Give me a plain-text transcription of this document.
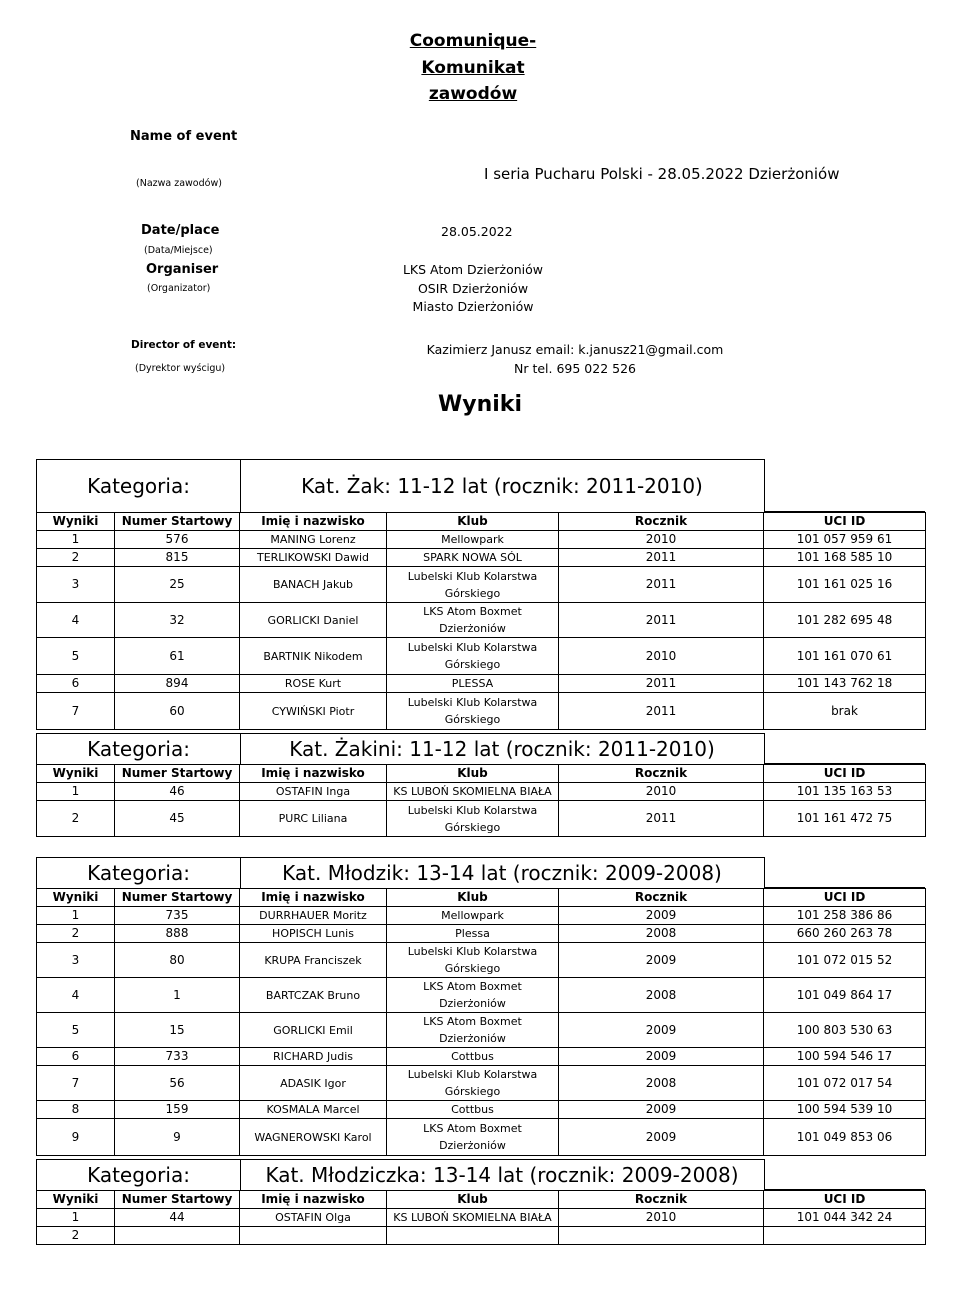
Coomunique-
Komunikat
zawodów
Name of event
(Nazwa zawodów)
I seria Pucharu Polski - 28.05.2022 Dzierżoniów
Date/place
(Data/Miejsce)
28.05.2022
Organiser
(Organizator)
LKS Atom Dzierżoniów
OSIR Dzierżoniów
Miasto Dzierżoniów
Director of event:
(Dyrektor wyścigu)
Kazimierz Janusz email: k.janusz21@gmail.com
Nr tel. 695 022 526
Wyniki
Kategoria:	Kat. Żak: 11-12 lat (rocznik: 2011-2010)
Wyniki	Numer Startowy	Imię i nazwisko	Klub	Rocznik	UCI ID
1	576	MANING Lorenz	Mellowpark	2010	101 057 959 61
2	815	TERLIKOWSKI Dawid	SPARK NOWA SÓL	2011	101 168 585 10
3	25	BANACH Jakub	Lubelski Klub Kolarstwa Górskiego	2011	101 161 025 16
4	32	GORLICKI Daniel	LKS Atom Boxmet Dzierżoniów	2011	101 282 695 48
5	61	BARTNIK Nikodem	Lubelski Klub Kolarstwa Górskiego	2010	101 161 070 61
6	894	ROSE Kurt	PLESSA	2011	101 143 762 18
7	60	CYWIŃSKI Piotr	Lubelski Klub Kolarstwa Górskiego	2011	brak
Kategoria:	Kat. Żakini: 11-12 lat (rocznik: 2011-2010)
Wyniki	Numer Startowy	Imię i nazwisko	Klub	Rocznik	UCI ID
1	46	OSTAFIN Inga	KS LUBOŃ SKOMIELNA BIAŁA	2010	101 135 163 53
2	45	PURC Liliana	Lubelski Klub Kolarstwa Górskiego	2011	101 161 472 75
Kategoria:	Kat. Młodzik: 13-14 lat (rocznik: 2009-2008)
Wyniki	Numer Startowy	Imię i nazwisko	Klub	Rocznik	UCI ID
1	735	DURRHAUER Moritz	Mellowpark	2009	101 258 386 86
2	888	HOPISCH Lunis	Plessa	2008	660 260 263 78
3	80	KRUPA Franciszek	Lubelski Klub Kolarstwa Górskiego	2009	101 072 015 52
4	1	BARTCZAK Bruno	LKS Atom Boxmet Dzierżoniów	2008	101 049 864 17
5	15	GORLICKI Emil	LKS Atom Boxmet Dzierżoniów	2009	100 803 530 63
6	733	RICHARD Judis	Cottbus	2009	100 594 546 17
7	56	ADASIK Igor	Lubelski Klub Kolarstwa Górskiego	2008	101 072 017 54
8	159	KOSMALA Marcel	Cottbus	2009	100 594 539 10
9	9	WAGNEROWSKI Karol	LKS Atom Boxmet Dzierżoniów	2009	101 049 853 06
Kategoria:	Kat. Młodziczka: 13-14 lat (rocznik: 2009-2008)
Wyniki	Numer Startowy	Imię i nazwisko	Klub	Rocznik	UCI ID
1	44	OSTAFIN Olga	KS LUBOŃ SKOMIELNA BIAŁA	2010	101 044 342 24
2					
